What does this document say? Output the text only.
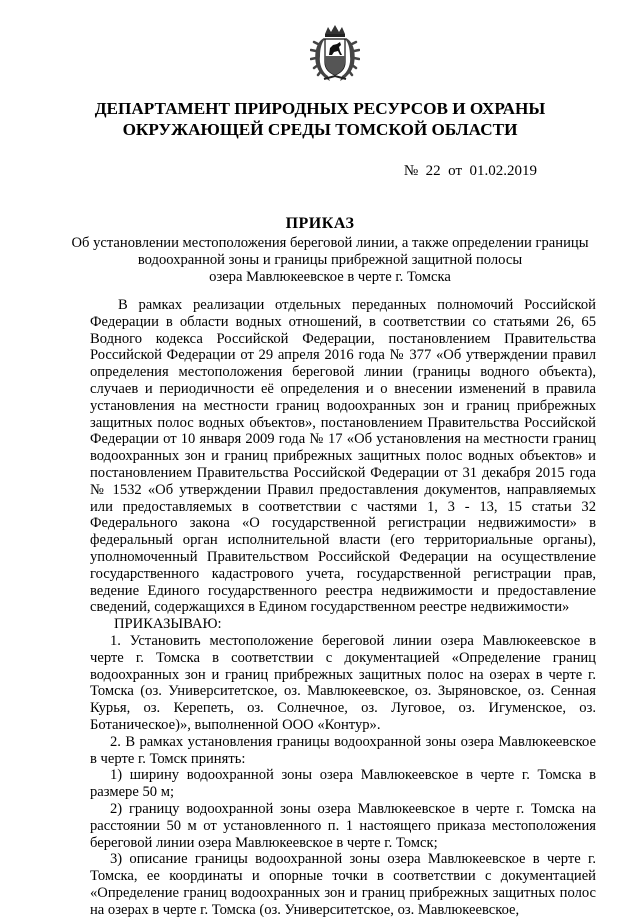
ДЕПАРТАМЕНТ ПРИРОДНЫХ РЕСУРСОВ И ОХРАНЫ
ОКРУЖАЮЩЕЙ СРЕДЫ ТОМСКОЙ ОБЛАСТИ
№ 22 от 01.02.2019
ПРИКАЗ
Об установлении местоположения береговой линии, а также определении границы
водоохранной зоны и границы прибрежной защитной полосы
озера Мавлюкеевское в черте г. Томска

В рамках реализации отдельных переданных полномочий Российской Федерации в области водных отношений, в соответствии со статьями 26, 65 Водного кодекса Российской Федерации, постановлением Правительства Российской Федерации от 29 апреля 2016 года № 377 «Об утверждении правил определения местоположения береговой линии (границы водного объекта), случаев и периодичности её определения и о внесении изменений в правила установления на местности границ водоохранных зон и границ прибрежных защитных полос водных объектов», постановлением Правительства Российской Федерации от 10 января 2009 года № 17 «Об установления на местности границ водоохранных зон и границ прибрежных защитных полос водных объектов» и постановлением Правительства Российской Федерации от 31 декабря 2015 года № 1532 «Об утверждении Правил предоставления документов, направляемых или предоставляемых в соответствии с частями 1, 3 - 13, 15 статьи 32 Федерального закона «О государственной регистрации недвижимости» в федеральный орган исполнительной власти (его территориальные органы), уполномоченный Правительством Российской Федерации на осуществление государственного кадастрового учета, государственной регистрации прав, ведение Единого государственного реестра недвижимости и предоставление сведений, содержащихся в Едином государственном реестре недвижимости»

ПРИКАЗЫВАЮ:

1. Установить местоположение береговой линии озера Мавлюкеевское в черте г. Томска в соответствии с документацией «Определение границ водоохранных зон и границ прибрежных защитных полос на озерах в черте г. Томска (оз. Университетское, оз. Мавлюкеевское, оз. Зыряновское, оз. Сенная Курья, оз. Керепеть, оз. Солнечное, оз. Луговое, оз. Игуменское, оз. Ботаническое)», выполненной ООО «Контур».

2. В рамках установления границы водоохранной зоны озера Мавлюкеевское в черте г. Томск принять:

1) ширину водоохранной зоны озера Мавлюкеевское в черте г. Томска в размере 50 м;

2) границу водоохранной зоны озера Мавлюкеевское в черте г. Томска на расстоянии 50 м от установленного п. 1 настоящего приказа местоположения береговой линии озера Мавлюкеевское в черте г. Томск;

3) описание границы водоохранной зоны озера Мавлюкеевское в черте г. Томска, ее координаты и опорные точки в соответствии с документацией «Определение границ водоохранных зон и границ прибрежных защитных полос на озерах в черте г. Томска (оз. Университетское, оз. Мавлюкеевское,
